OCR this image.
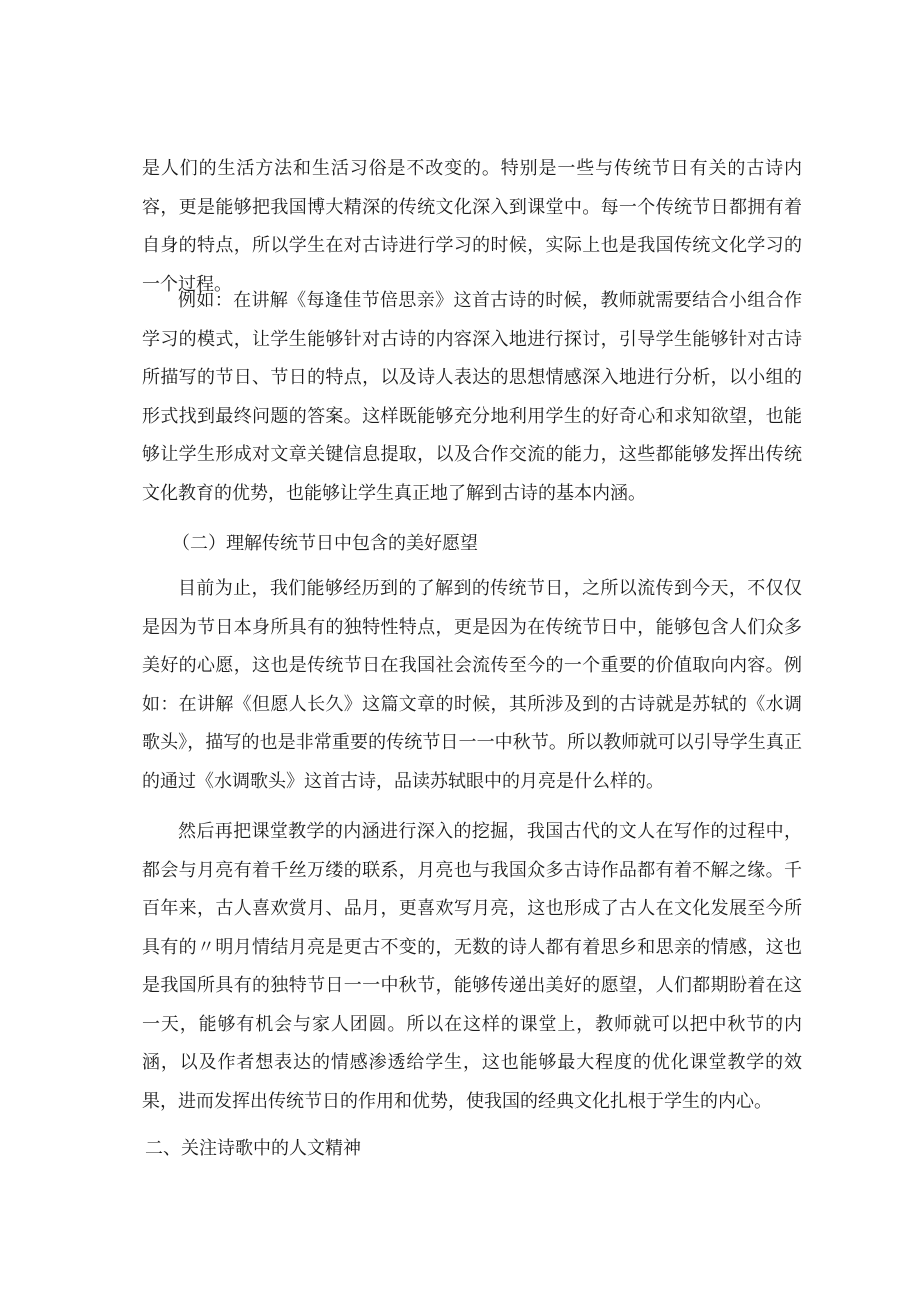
是人们的生活方法和生活习俗是不改变的。特别是一些与传统节日有关的古诗内容，更是能够把我国博大精深的传统文化深入到课堂中。每一个传统节日都拥有着自身的特点，所以学生在对古诗进行学习的时候，实际上也是我国传统文化学习的一个过程。

例如：在讲解《每逢佳节倍思亲》这首古诗的时候，教师就需要结合小组合作学习的模式，让学生能够针对古诗的内容深入地进行探讨，引导学生能够针对古诗所描写的节日、节日的特点，以及诗人表达的思想情感深入地进行分析，以小组的形式找到最终问题的答案。这样既能够充分地利用学生的好奇心和求知欲望，也能够让学生形成对文章关键信息提取，以及合作交流的能力，这些都能够发挥出传统文化教育的优势，也能够让学生真正地了解到古诗的基本内涵。

（二）理解传统节日中包含的美好愿望

目前为止，我们能够经历到的了解到的传统节日，之所以流传到今天，不仅仅是因为节日本身所具有的独特性特点，更是因为在传统节日中，能够包含人们众多美好的心愿，这也是传统节日在我国社会流传至今的一个重要的价值取向内容。例如：在讲解《但愿人长久》这篇文章的时候，其所涉及到的古诗就是苏轼的《水调歌头》，描写的也是非常重要的传统节日一一中秋节。所以教师就可以引导学生真正的通过《水调歌头》这首古诗，品读苏轼眼中的月亮是什么样的。

然后再把课堂教学的内涵进行深入的挖掘，我国古代的文人在写作的过程中，都会与月亮有着千丝万缕的联系，月亮也与我国众多古诗作品都有着不解之缘。千百年来，古人喜欢赏月、品月，更喜欢写月亮，这也形成了古人在文化发展至今所具有的〃明月情结月亮是更古不变的，无数的诗人都有着思乡和思亲的情感，这也是我国所具有的独特节日一一中秋节，能够传递出美好的愿望，人们都期盼着在这一天，能够有机会与家人团圆。所以在这样的课堂上，教师就可以把中秋节的内涵，以及作者想表达的情感渗透给学生，这也能够最大程度的优化课堂教学的效果，进而发挥出传统节日的作用和优势，使我国的经典文化扎根于学生的内心。

二、关注诗歌中的人文精神
